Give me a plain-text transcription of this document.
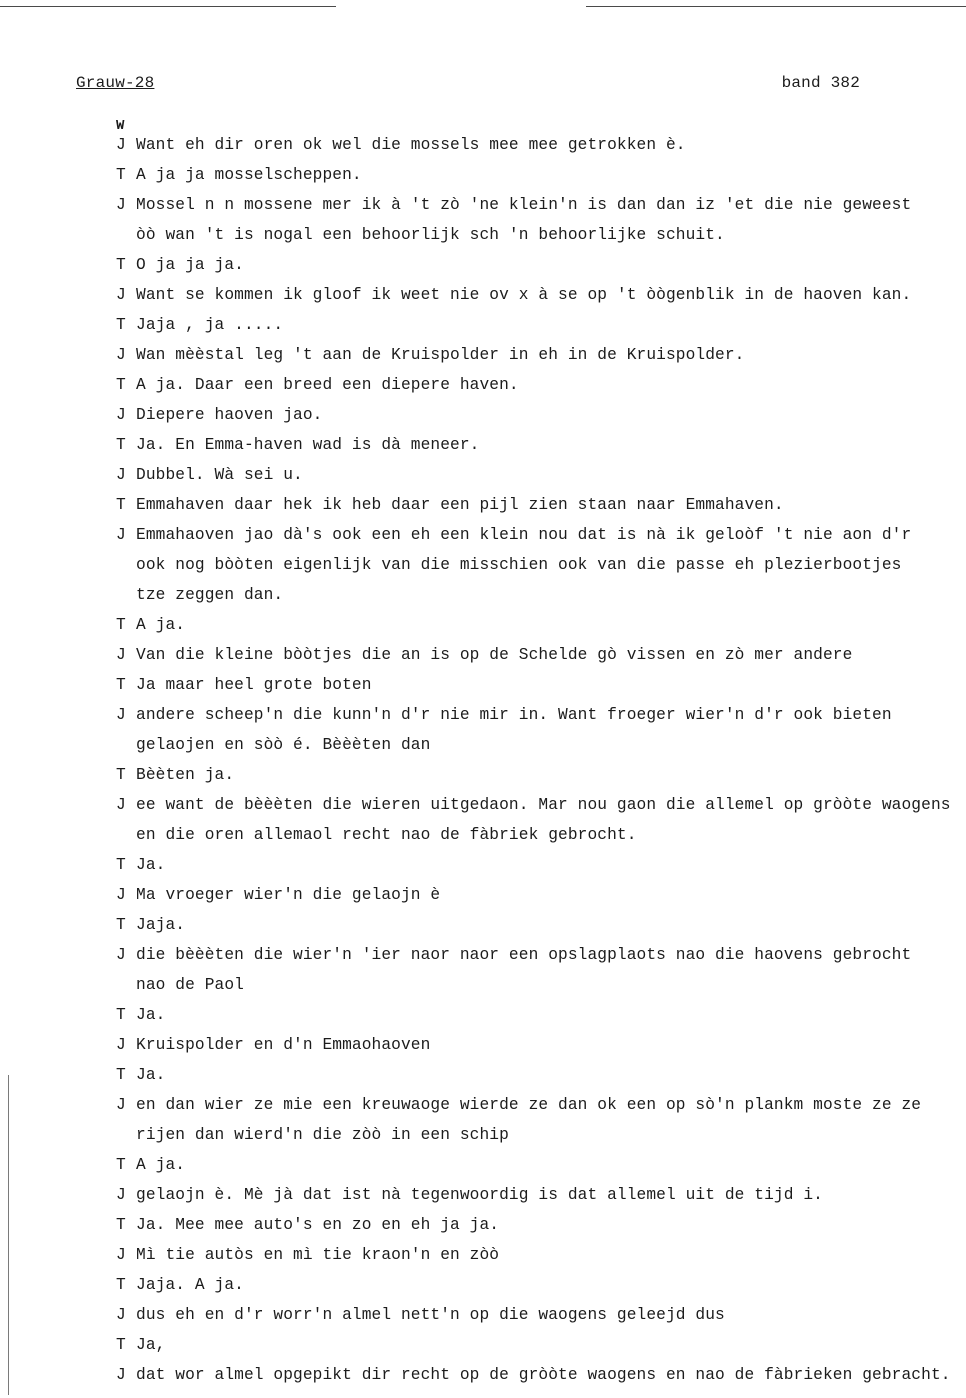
Grauw-28	band 382
W
J Want eh dir oren ok wel die mossels mee mee getrokken è.
T A ja ja mosselscheppen.
J Mossel n n mossene mer ik à 't zò 'ne klein'n is dan dan iz 'et die nie geweest
òò wan 't is nogal een behoorlijk sch 'n behoorlijke schuit.
T O ja ja ja.
J Want se kommen ik gloof ik weet nie ov x à se op 't òògenblik in de haoven kan.
T Jaja , ja .....
J Wan mèèstal leg 't aan de Kruispolder in eh in de Kruispolder.
T A ja. Daar een breed een diepere haven.
J Diepere haoven jao.
T Ja. En Emma-haven wad is dà meneer.
J Dubbel. Wà sei u.
T Emmahaven daar hek ik heb daar een pijl zien staan naar Emmahaven.
J Emmahaoven jao dà's ook een eh een klein nou dat is nà ik geloòf 't nie aon d'r
ook nog bòòten eigenlijk van die misschien ook van die passe eh plezierbootjes
tze zeggen dan.
T A ja.
J Van die kleine bòòtjes die an is op de Schelde gò vissen en zò mer andere
T Ja maar heel grote boten
J andere scheep'n die kunn'n d'r nie mir in. Want froeger wier'n d'r ook bieten
gelaojen en sòò é. Bèèèten dan
T Bèèten ja.
J ee want de bèèèten die wieren uitgedaon. Mar nou gaon die allemel op gròòte waogens
en die oren allemaol recht nao de fàbriek gebrocht.
T Ja.
J Ma vroeger wier'n die gelaojn è
T Jaja.
J die bèèèten die wier'n 'ier naor naor een opslagplaots nao die haovens gebrocht
nao de Paol
T Ja.
J Kruispolder en d'n Emmaohaoven
T Ja.
J en dan wier ze mie een kreuwaoge wierde ze dan ok een op sò'n plankm moste ze ze
rijen dan wierd'n die zòò in een schip
T A ja.
J gelaojn è. Mè jà dat ist nà tegenwoordig is dat allemel uit de tijd i.
T Ja. Mee mee auto's en zo en eh ja ja.
J Mì tie autòs en mì tie kraon'n en zòò
T Jaja. A ja.
J dus eh en d'r worr'n almel nett'n op die waogens geleejd dus
T Ja,
J dat wor almel opgepikt dir recht op de gròòte waogens en nao de fàbrieken gebracht.
